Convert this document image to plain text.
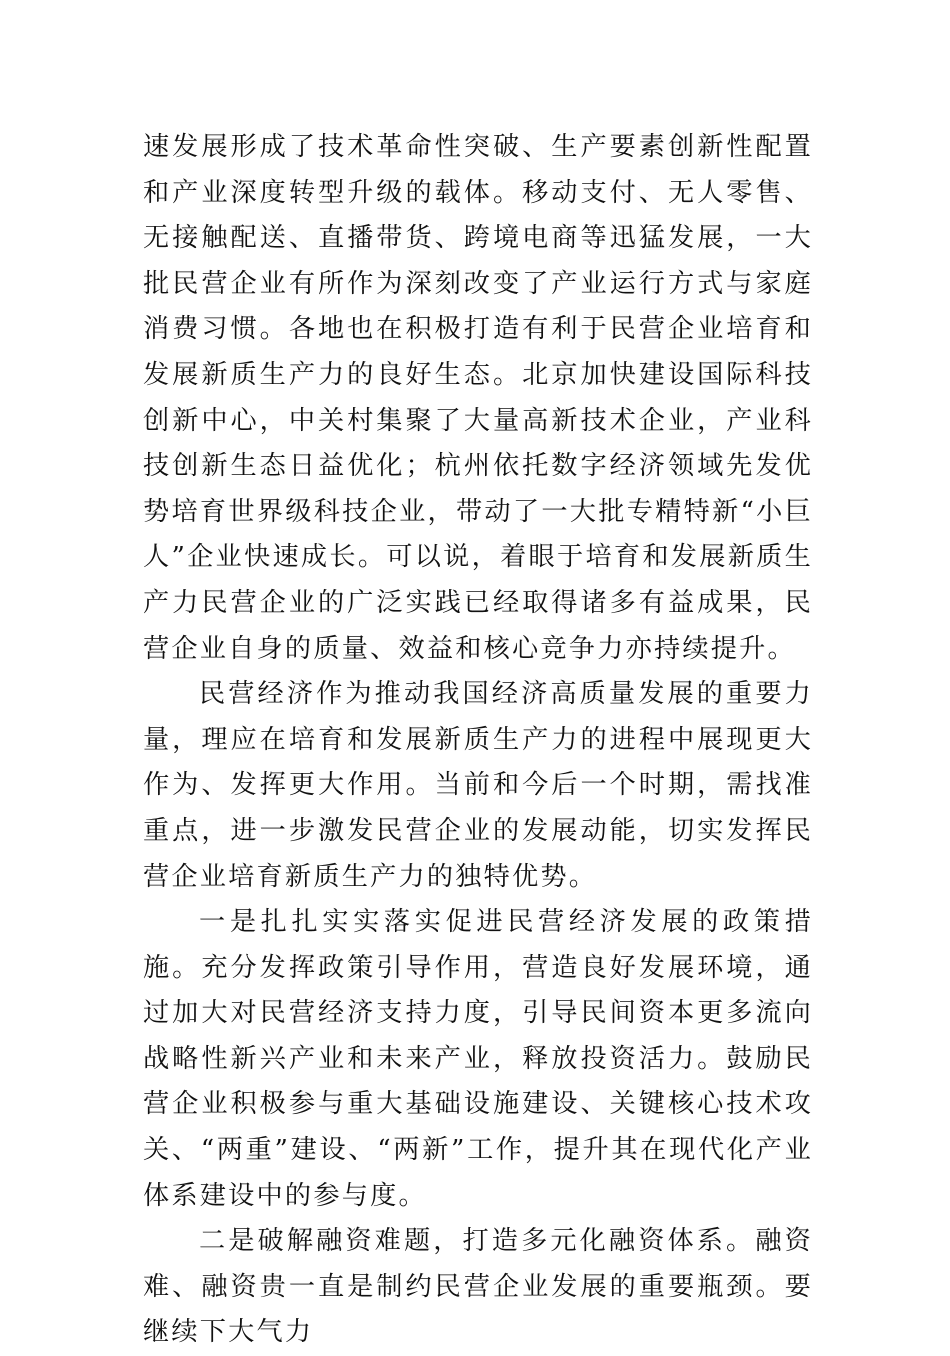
速发展形成了技术革命性突破、生产要素创新性配置和产业深度转型升级的载体。移动支付、无人零售、无接触配送、直播带货、跨境电商等迅猛发展，一大批民营企业有所作为深刻改变了产业运行方式与家庭消费习惯。各地也在积极打造有利于民营企业培育和发展新质生产力的良好生态。北京加快建设国际科技创新中心，中关村集聚了大量高新技术企业，产业科技创新生态日益优化；杭州依托数字经济领域先发优势培育世界级科技企业，带动了一大批专精特新“小巨人”企业快速成长。可以说，着眼于培育和发展新质生产力民营企业的广泛实践已经取得诸多有益成果，民营企业自身的质量、效益和核心竞争力亦持续提升。

民营经济作为推动我国经济高质量发展的重要力量，理应在培育和发展新质生产力的进程中展现更大作为、发挥更大作用。当前和今后一个时期，需找准重点，进一步激发民营企业的发展动能，切实发挥民营企业培育新质生产力的独特优势。

一是扎扎实实落实促进民营经济发展的政策措施。充分发挥政策引导作用，营造良好发展环境，通过加大对民营经济支持力度，引导民间资本更多流向战略性新兴产业和未来产业，释放投资活力。鼓励民营企业积极参与重大基础设施建设、关键核心技术攻关、“两重”建设、“两新”工作，提升其在现代化产业体系建设中的参与度。

二是破解融资难题，打造多元化融资体系。融资难、融资贵一直是制约民营企业发展的重要瓶颈。要继续下大气力
